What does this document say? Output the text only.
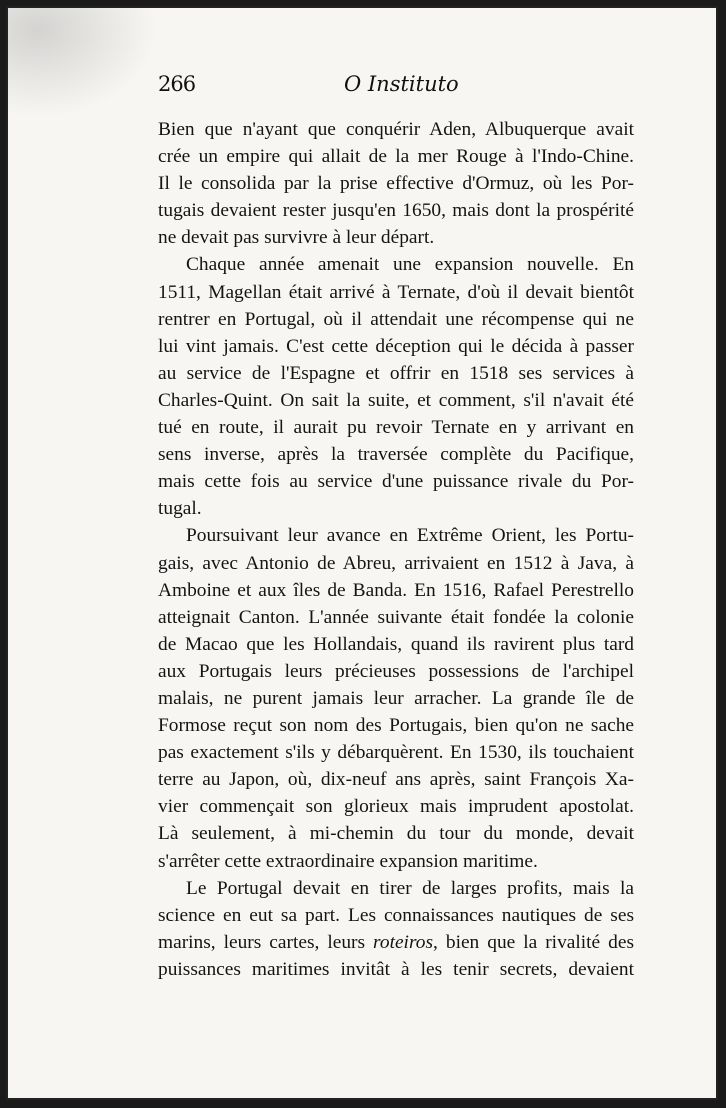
266	O Instituto

Bien que n'ayant que conquérir Aden, Albuquerque avait
crée un empire qui allait de la mer Rouge à l'Indo-Chine.
Il le consolida par la prise effective d'Ormuz, où les Por-
tugais devaient rester jusqu'en 1650, mais dont la prospérité
ne devait pas survivre à leur départ.

Chaque année amenait une expansion nouvelle. En
1511, Magellan était arrivé à Ternate, d'où il devait bientôt
rentrer en Portugal, où il attendait une récompense qui ne
lui vint jamais. C'est cette déception qui le décida à passer
au service de l'Espagne et offrir en 1518 ses services à
Charles-Quint. On sait la suite, et comment, s'il n'avait été
tué en route, il aurait pu revoir Ternate en y arrivant en
sens inverse, après la traversée complète du Pacifique,
mais cette fois au service d'une puissance rivale du Por-
tugal.

Poursuivant leur avance en Extrême Orient, les Portu-
gais, avec Antonio de Abreu, arrivaient en 1512 à Java, à
Amboine et aux îles de Banda. En 1516, Rafael Perestrello
atteignait Canton. L'année suivante était fondée la colonie
de Macao que les Hollandais, quand ils ravirent plus tard
aux Portugais leurs précieuses possessions de l'archipel
malais, ne purent jamais leur arracher. La grande île de
Formose reçut son nom des Portugais, bien qu'on ne sache
pas exactement s'ils y débarquèrent. En 1530, ils touchaient
terre au Japon, où, dix-neuf ans après, saint François Xa-
vier commençait son glorieux mais imprudent apostolat.
Là seulement, à mi-chemin du tour du monde, devait
s'arrêter cette extraordinaire expansion maritime.

Le Portugal devait en tirer de larges profits, mais la
science en eut sa part. Les connaissances nautiques de ses
marins, leurs cartes, leurs roteiros, bien que la rivalité des
puissances maritimes invitât à les tenir secrets, devaient
